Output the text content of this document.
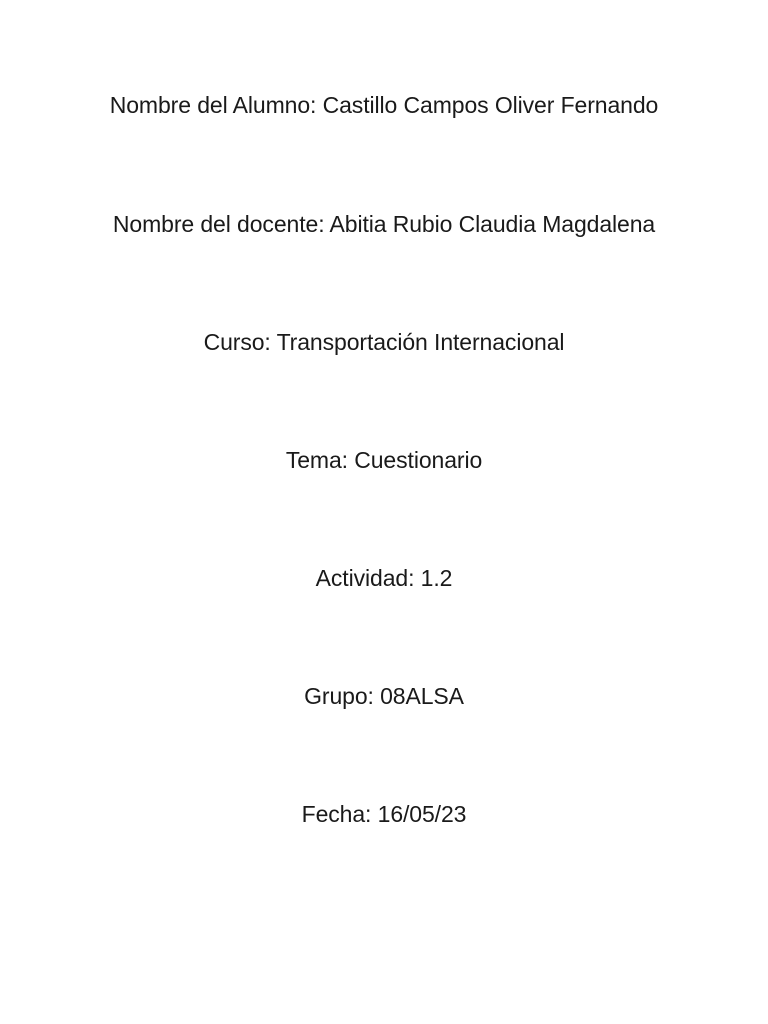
Nombre del Alumno: Castillo Campos Oliver Fernando
Nombre del docente: Abitia Rubio Claudia Magdalena
Curso: Transportación Internacional
Tema: Cuestionario
Actividad: 1.2
Grupo: 08ALSA
Fecha: 16/05/23
